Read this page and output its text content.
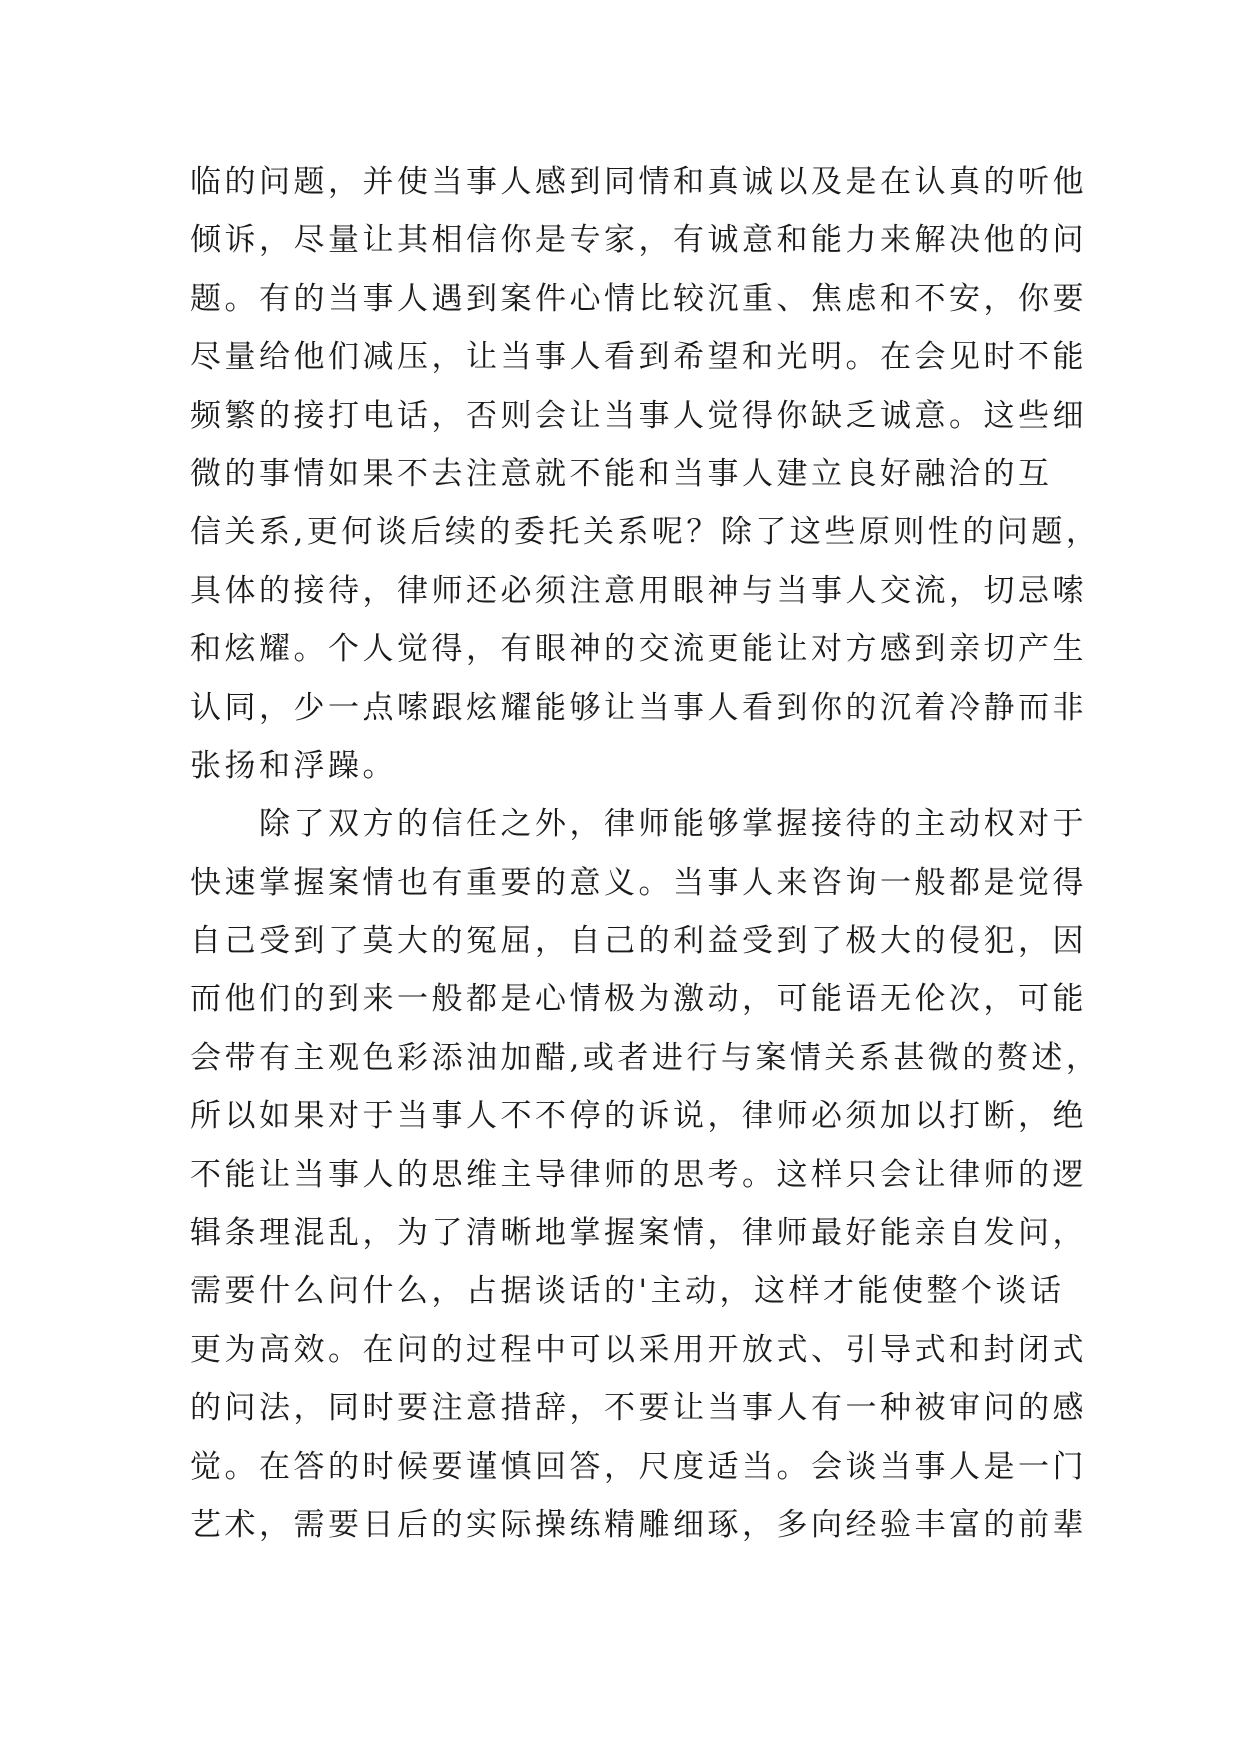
临的问题，并使当事人感到同情和真诚以及是在认真的听他
倾诉，尽量让其相信你是专家，有诚意和能力来解决他的问
题。有的当事人遇到案件心情比较沉重、焦虑和不安，你要
尽量给他们减压，让当事人看到希望和光明。在会见时不能
频繁的接打电话，否则会让当事人觉得你缺乏诚意。这些细
微的事情如果不去注意就不能和当事人建立良好融洽的互
信关系,更何谈后续的委托关系呢？除了这些原则性的问题，
具体的接待，律师还必须注意用眼神与当事人交流，切忌嗦
和炫耀。个人觉得，有眼神的交流更能让对方感到亲切产生
认同，少一点嗦跟炫耀能够让当事人看到你的沉着冷静而非
张扬和浮躁。
除了双方的信任之外，律师能够掌握接待的主动权对于
快速掌握案情也有重要的意义。当事人来咨询一般都是觉得
自己受到了莫大的冤屈，自己的利益受到了极大的侵犯，因
而他们的到来一般都是心情极为激动，可能语无伦次，可能
会带有主观色彩添油加醋,或者进行与案情关系甚微的赘述，
所以如果对于当事人不不停的诉说，律师必须加以打断，绝
不能让当事人的思维主导律师的思考。这样只会让律师的逻
辑条理混乱，为了清晰地掌握案情，律师最好能亲自发问，
需要什么问什么，占据谈话的'主动，这样才能使整个谈话
更为高效。在问的过程中可以采用开放式、引导式和封闭式
的问法，同时要注意措辞，不要让当事人有一种被审问的感
觉。在答的时候要谨慎回答，尺度适当。会谈当事人是一门
艺术，需要日后的实际操练精雕细琢，多向经验丰富的前辈
